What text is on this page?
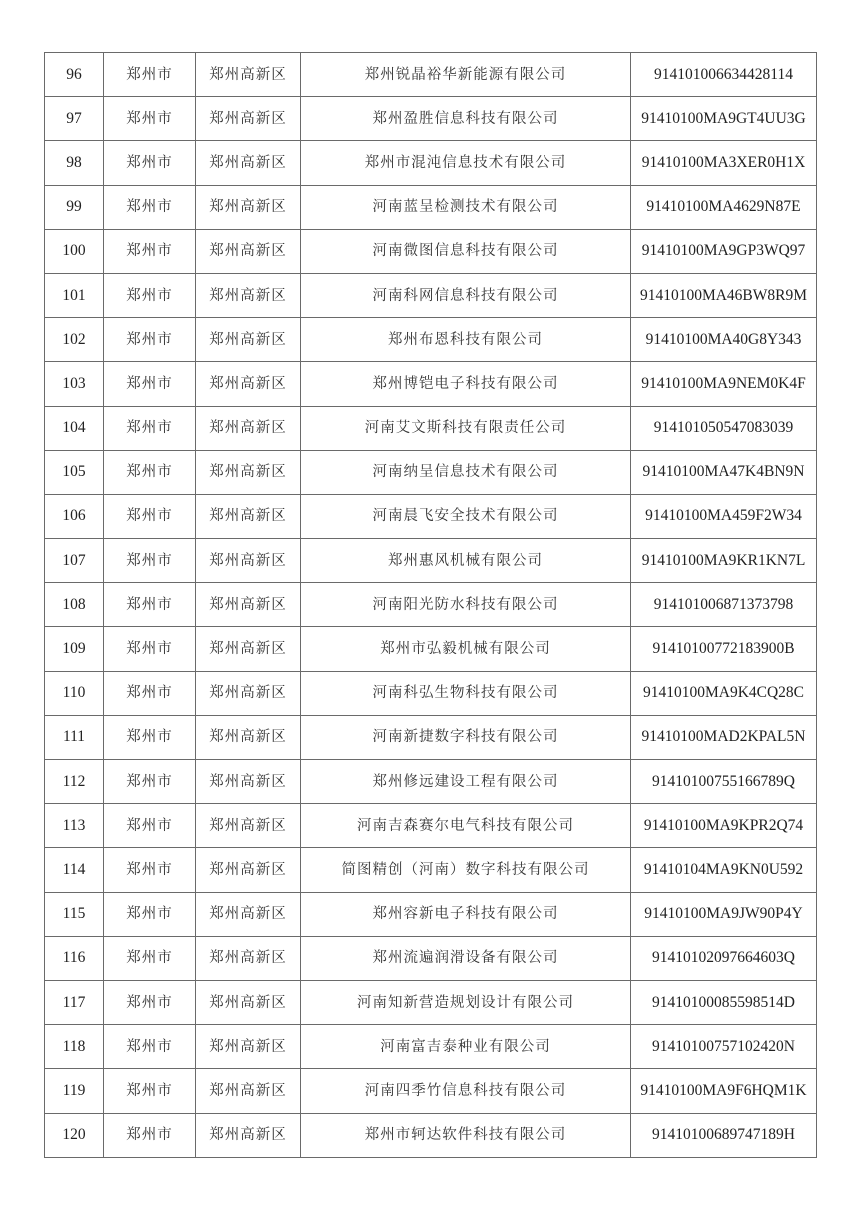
96	郑州市	郑州高新区	郑州锐晶裕华新能源有限公司	914101006634428114
97	郑州市	郑州高新区	郑州盈胜信息科技有限公司	91410100MA9GT4UU3G
98	郑州市	郑州高新区	郑州市混沌信息技术有限公司	91410100MA3XER0H1X
99	郑州市	郑州高新区	河南蓝呈检测技术有限公司	91410100MA4629N87E
100	郑州市	郑州高新区	河南微图信息科技有限公司	91410100MA9GP3WQ97
101	郑州市	郑州高新区	河南科网信息科技有限公司	91410100MA46BW8R9M
102	郑州市	郑州高新区	郑州布恩科技有限公司	91410100MA40G8Y343
103	郑州市	郑州高新区	郑州博铠电子科技有限公司	91410100MA9NEM0K4F
104	郑州市	郑州高新区	河南艾文斯科技有限责任公司	914101050547083039
105	郑州市	郑州高新区	河南纳呈信息技术有限公司	91410100MA47K4BN9N
106	郑州市	郑州高新区	河南晨飞安全技术有限公司	91410100MA459F2W34
107	郑州市	郑州高新区	郑州惠风机械有限公司	91410100MA9KR1KN7L
108	郑州市	郑州高新区	河南阳光防水科技有限公司	914101006871373798
109	郑州市	郑州高新区	郑州市弘毅机械有限公司	91410100772183900B
110	郑州市	郑州高新区	河南科弘生物科技有限公司	91410100MA9K4CQ28C
111	郑州市	郑州高新区	河南新捷数字科技有限公司	91410100MAD2KPAL5N
112	郑州市	郑州高新区	郑州修远建设工程有限公司	91410100755166789Q
113	郑州市	郑州高新区	河南吉森赛尔电气科技有限公司	91410100MA9KPR2Q74
114	郑州市	郑州高新区	简图精创（河南）数字科技有限公司	91410104MA9KN0U592
115	郑州市	郑州高新区	郑州容新电子科技有限公司	91410100MA9JW90P4Y
116	郑州市	郑州高新区	郑州流遍润滑设备有限公司	91410102097664603Q
117	郑州市	郑州高新区	河南知新营造规划设计有限公司	91410100085598514D
118	郑州市	郑州高新区	河南富吉泰种业有限公司	91410100757102420N
119	郑州市	郑州高新区	河南四季竹信息科技有限公司	91410100MA9F6HQM1K
120	郑州市	郑州高新区	郑州市轲达软件科技有限公司	91410100689747189H
